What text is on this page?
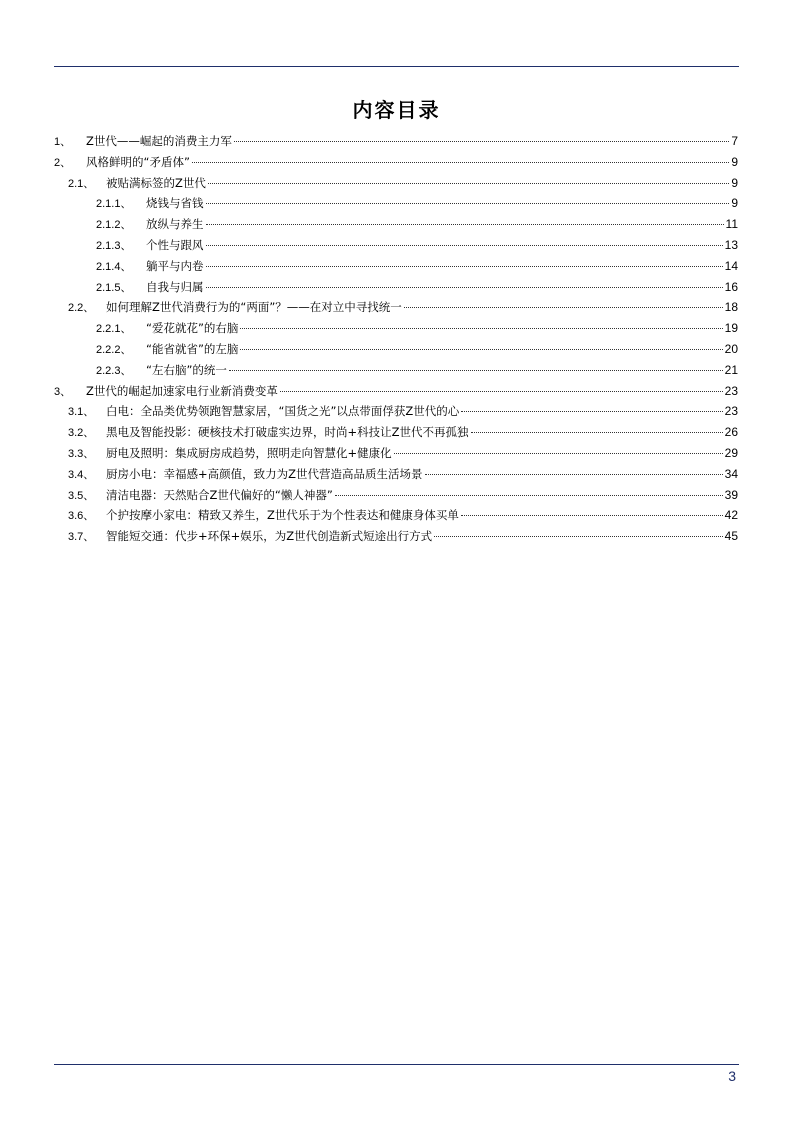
内容目录
1、	Z世代——崛起的消费主力军	7
2、	风格鲜明的“矛盾体”	9
2.1、	被贴满标签的Z世代	9
2.1.1、	烧钱与省钱	9
2.1.2、	放纵与养生	11
2.1.3、	个性与跟风	13
2.1.4、	躺平与内卷	14
2.1.5、	自我与归属	16
2.2、	如何理解Z世代消费行为的“两面”？——在对立中寻找统一	18
2.2.1、	“爱花就花”的右脑	19
2.2.2、	“能省就省”的左脑	20
2.2.3、	“左右脑”的统一	21
3、	Z世代的崛起加速家电行业新消费变革	23
3.1、	白电：全品类优势领跑智慧家居，“国货之光”以点带面俘获Z世代的心	23
3.2、	黑电及智能投影：硬核技术打破虚实边界，时尚+科技让Z世代不再孤独	26
3.3、	厨电及照明：集成厨房成趋势，照明走向智慧化+健康化	29
3.4、	厨房小电：幸福感+高颜值，致力为Z世代营造高品质生活场景	34
3.5、	清洁电器：天然贴合Z世代偏好的“懒人神器”	39
3.6、	个护按摩小家电：精致又养生，Z世代乐于为个性表达和健康身体买单	42
3.7、	智能短交通：代步+环保+娱乐，为Z世代创造新式短途出行方式	45
3
